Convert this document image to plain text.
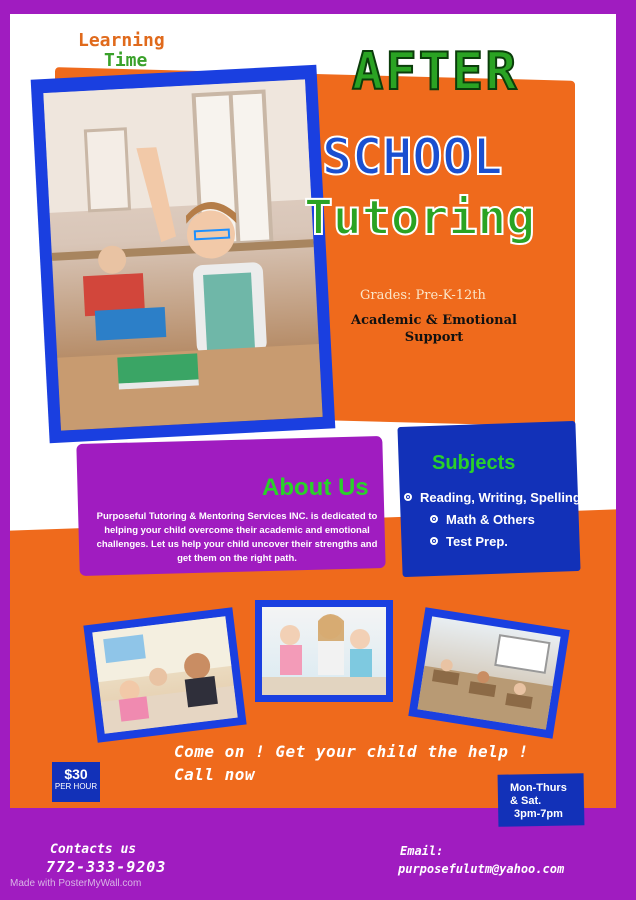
Learning
Time	AFTER
SCHOOL
Tutoring
Grades: Pre-K-12th
Academic & Emotional Support
About Us
Purposeful Tutoring & Mentoring Services INC. is dedicated to helping your child overcome their academic and emotional challenges. Let us help your child uncover their strengths and get them on the right path.
Subjects
Reading, Writing, Spelling
Math & Others
Test Prep.
Come on ! Get your child the help !
Call now
$30
PER HOUR	Mon-Thurs
& Sat.
3pm-7pm
Contacts us
772-333-9203
Email:
purposefulutm@yahoo.com
Made with PosterMyWall.com
